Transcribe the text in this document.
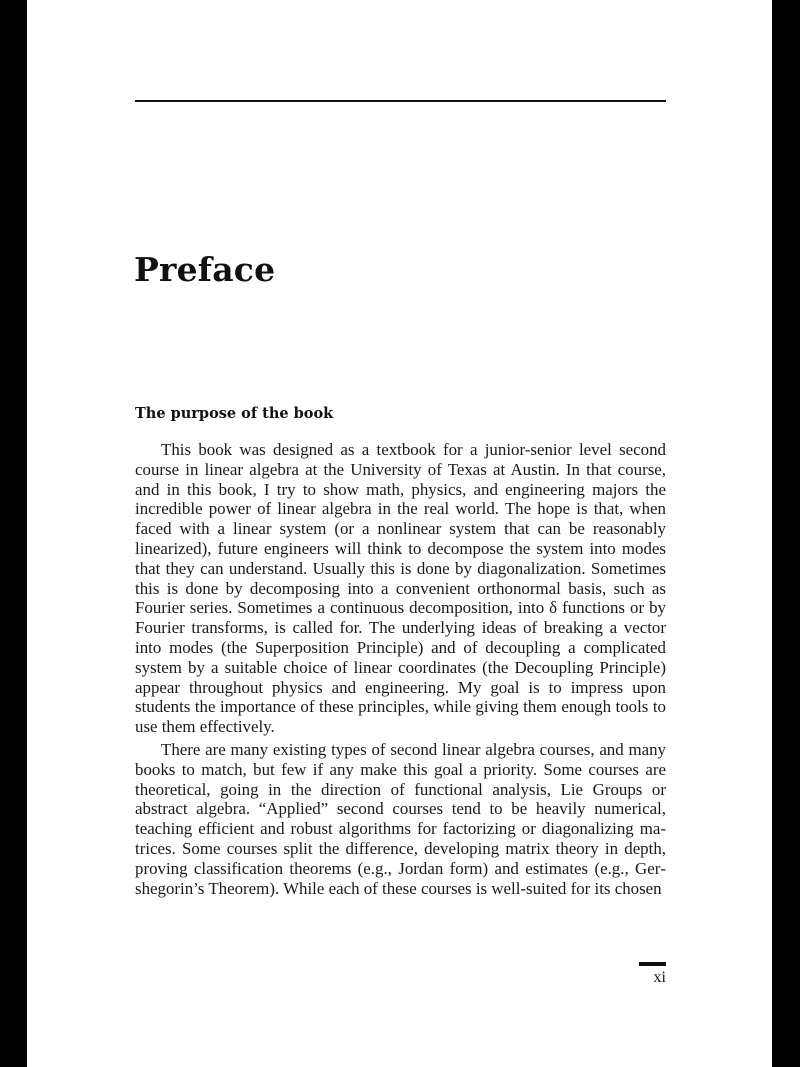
Preface
The purpose of the book

This book was designed as a textbook for a junior-senior level second course in linear algebra at the University of Texas at Austin. In that course, and in this book, I try to show math, physics, and engineering majors the incredible power of linear algebra in the real world. The hope is that, when faced with a linear system (or a nonlinear system that can be reasonably linearized), future engineers will think to decompose the system into modes that they can understand. Usually this is done by diagonalization. Sometimes this is done by decomposing into a convenient orthonormal basis, such as Fourier series. Sometimes a continuous decomposition, into δ functions or by Fourier transforms, is called for. The underlying ideas of breaking a vector into modes (the Superposition Principle) and of decoupling a complicated system by a suitable choice of linear coordinates (the Decoupling Principle) appear throughout physics and engineering. My goal is to impress upon students the importance of these principles, while giving them enough tools to use them effectively.

There are many existing types of second linear algebra courses, and many books to match, but few if any make this goal a priority. Some courses are theoretical, going in the direction of functional analysis, Lie Groups or abstract algebra. “Applied” second courses tend to be heavily numerical, teaching efficient and robust algorithms for factorizing or diagonalizing matrices. Some courses split the difference, developing matrix theory in depth, proving classification theorems (e.g., Jordan form) and estimates (e.g., Gershegorin’s Theorem). While each of these courses is well-suited for its chosen

xi
